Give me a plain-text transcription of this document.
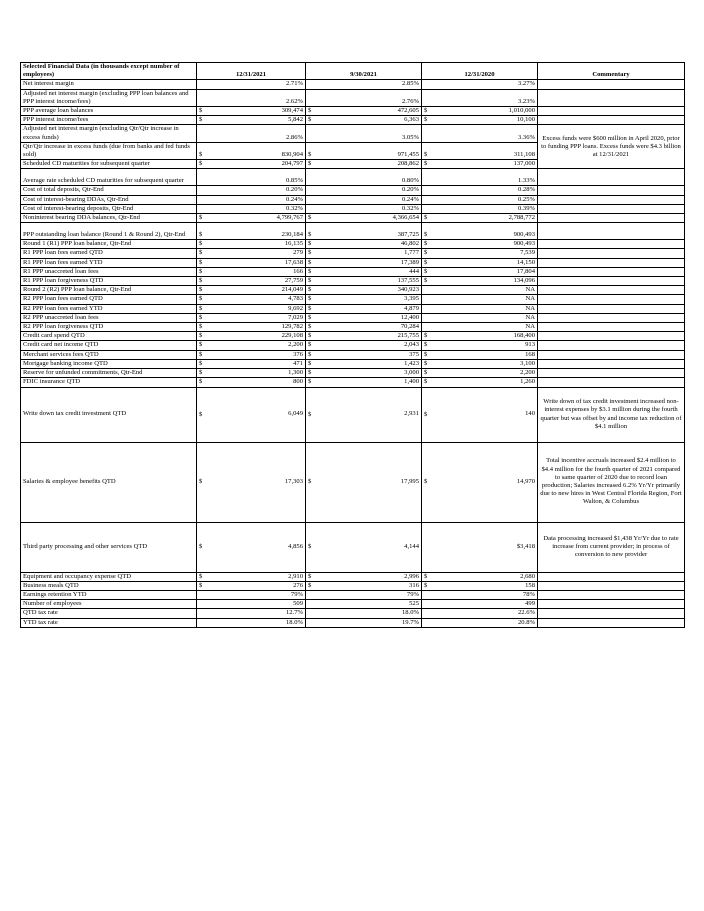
Selected Financial Data (in thousands except number of employees)	12/31/2021	9/30/2021	12/31/2020	Commentary
Net interest margin	2.71%	2.85%	3.27%	
Adjusted net interest margin (excluding PPP loan balances and PPP interest income/fees)	2.62%	2.76%	3.23%	
PPP average loan balances	$ 309,474	$ 472,605	$ 1,010,000	
PPP interest income/fees	$ 5,842	$ 6,363	$ 10,100	
Adjusted net interest margin (excluding Qtr/Qtr increase in excess funds)	2.86%	3.05%	3.36%	Excess funds were $600 million in April 2020, prior to funding PPP loans. Excess funds were $4.3 billion at 12/31/2021
Qtr/Qtr increase in excess funds (due from banks and fed funds sold)	$ 830,904	$ 971,455	$ 311,108	
Scheduled CD maturities for subsequent quarter	$ 204,797	$ 208,862	$ 137,000	
Average rate scheduled CD maturities for subsequent quarter	0.85%	0.80%	1.33%	
Cost of total deposits, Qtr-End	0.20%	0.20%	0.28%	
Cost of interest-bearing DDAs, Qtr-End	0.24%	0.24%	0.25%	
Cost of interest-bearing deposits, Qtr-End	0.32%	0.32%	0.39%	
Noninterest bearing DDA balances, Qtr-End	$ 4,799,767	$ 4,366,654	$ 2,788,772	
PPP outstanding loan balance (Round 1 & Round 2), Qtr-End	$ 230,184	$ 387,725	$ 900,493	
Round 1 (R1) PPP loan balance, Qtr-End	$ 16,135	$ 46,802	$ 900,493	
R1 PPP loan fees earned QTD	$ 279	$ 1,777	$ 7,539	
R1 PPP loan fees earned YTD	$ 17,638	$ 17,389	$ 14,150	
R1 PPP unaccreted loan fees	$ 166	$ 444	$ 17,804	
R1 PPP loan forgiveness QTD	$ 27,759	$ 137,555	$ 134,096	
Round 2 (R2) PPP loan balance, Qtr-End	$ 214,049	$ 340,923	NA	
R2 PPP loan fees earned QTD	$ 4,783	$ 3,395	NA	
R2 PPP loan fees earned YTD	$ 9,692	$ 4,879	NA	
R2 PPP unaccreted loan fees	$ 7,029	$ 12,400	NA	
R2 PPP loan forgiveness QTD	$ 129,782	$ 70,284	NA	
Credit card spend QTD	$ 229,108	$ 215,755	$ 168,400	
Credit card net income QTD	$ 2,200	$ 2,043	$ 913	
Merchant services fees QTD	$ 376	$ 375	$ 168	
Mortgage banking income QTD	$ 471	$ 1,423	$ 3,100	
Reserve for unfunded commitments, Qtr-End	$ 1,300	$ 3,000	$ 2,200	
FDIC insurance QTD	$ 800	$ 1,400	$ 1,260	
Write down tax credit investment QTD	$ 6,049	$ 2,931	$ 140	Write down of tax credit investment increased non-interest expenses by $3.1 million during the fourth quarter but was offset by and income tax reduction of $4.1 million
Salaries & employee benefits QTD	$ 17,303	$ 17,995	$ 14,970	Total incentive accruals increased $2.4 million to $4.4 million for the fourth quarter of 2021 compared to same quarter of 2020 due to record loan production; Salaries increased 6.2% Yr/Yr primarily due to new hires in West Central Florida Region, Fort Walton, & Columbus
Third party processing and other services QTD	$ 4,856	$ 4,144	$3,418	Data processing increased $1,438 Yr/Yr due to rate increase from current provider; in process of conversion to new provider
Equipment and occupancy expense QTD	$ 2,910	$ 2,996	$ 2,680	
Business meals QTD	$ 276	$ 316	$ 158	
Earnings retention YTD	79%	79%	78%	
Number of employees	509	525	499	
QTD tax rate	12.7%	18.0%	22.6%	
YTD tax rate	18.0%	19.7%	20.8%	
